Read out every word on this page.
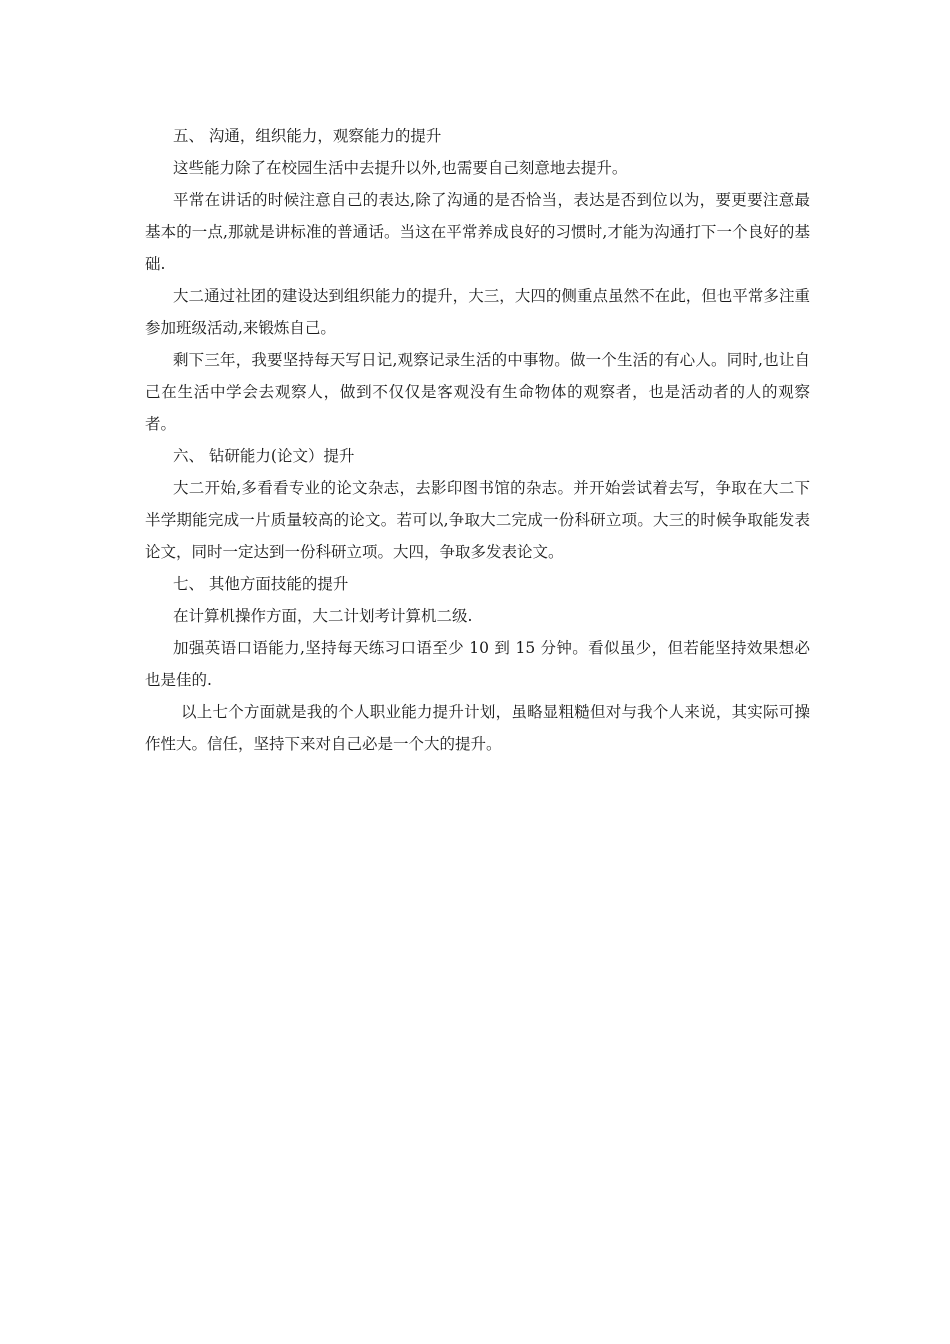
五、 沟通，组织能力，观察能力的提升

这些能力除了在校园生活中去提升以外,也需要自己刻意地去提升。

平常在讲话的时候注意自己的表达,除了沟通的是否恰当，表达是否到位以为，要更要注意最基本的一点,那就是讲标准的普通话。当这在平常养成良好的习惯时,才能为沟通打下一个良好的基础.

大二通过社团的建设达到组织能力的提升，大三，大四的侧重点虽然不在此，但也平常多注重参加班级活动,来锻炼自己。

剩下三年，我要坚持每天写日记,观察记录生活的中事物。做一个生活的有心人。同时,也让自己在生活中学会去观察人，做到不仅仅是客观没有生命物体的观察者，也是活动者的人的观察者。

六、 钻研能力(论文）提升

大二开始,多看看专业的论文杂志，去影印图书馆的杂志。并开始尝试着去写，争取在大二下半学期能完成一片质量较高的论文。若可以,争取大二完成一份科研立项。大三的时候争取能发表论文，同时一定达到一份科研立项。大四，争取多发表论文。

七、 其他方面技能的提升

在计算机操作方面，大二计划考计算机二级.

加强英语口语能力,坚持每天练习口语至少 10 到 15 分钟。看似虽少，但若能坚持效果想必也是佳的.

以上七个方面就是我的个人职业能力提升计划，虽略显粗糙但对与我个人来说，其实际可操作性大。信任，坚持下来对自己必是一个大的提升。
